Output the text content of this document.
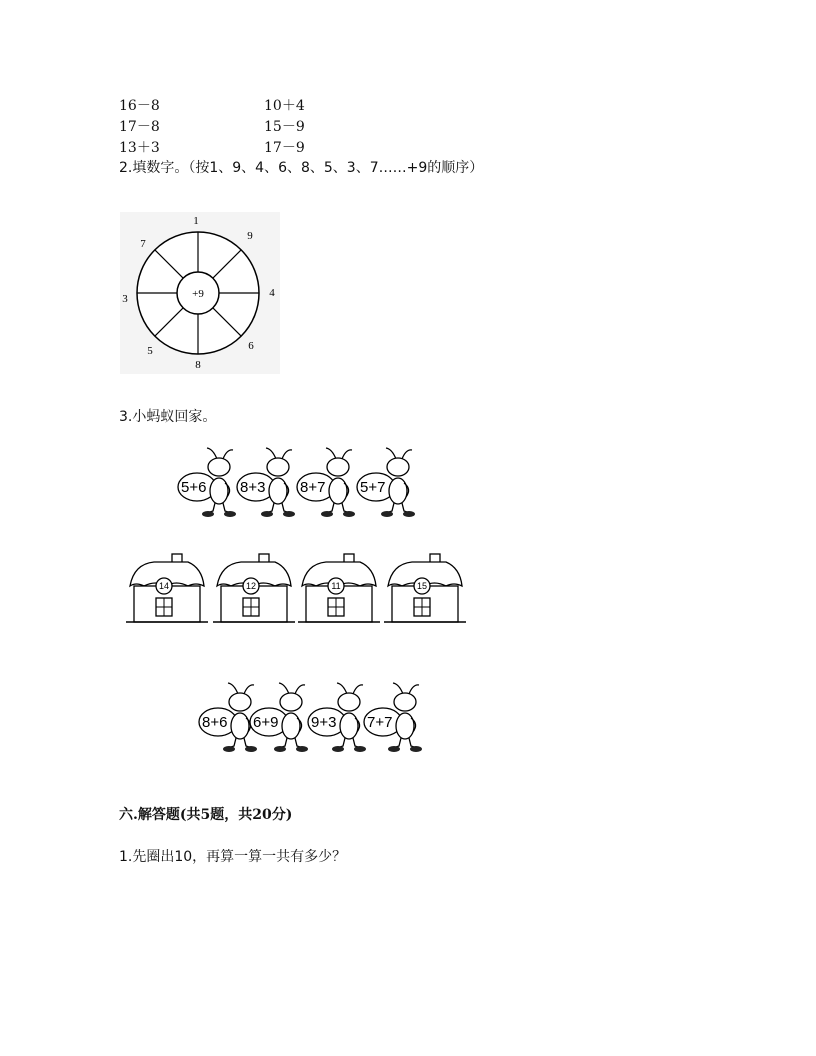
16－8	10＋4
17－8	15－9
13＋3	17－9
2.填数字。（按1、9、4、6、8、5、3、7……+9的顺序）
+9
1
9
4
6
8
5
3
7
3.小蚂蚁回家。
5+6 8+3 8+7 5+7
14	12	11	15
8+6 6+9 9+3 7+7
六.解答题(共5题，共20分)
1.先圈出10，再算一算一共有多少？
